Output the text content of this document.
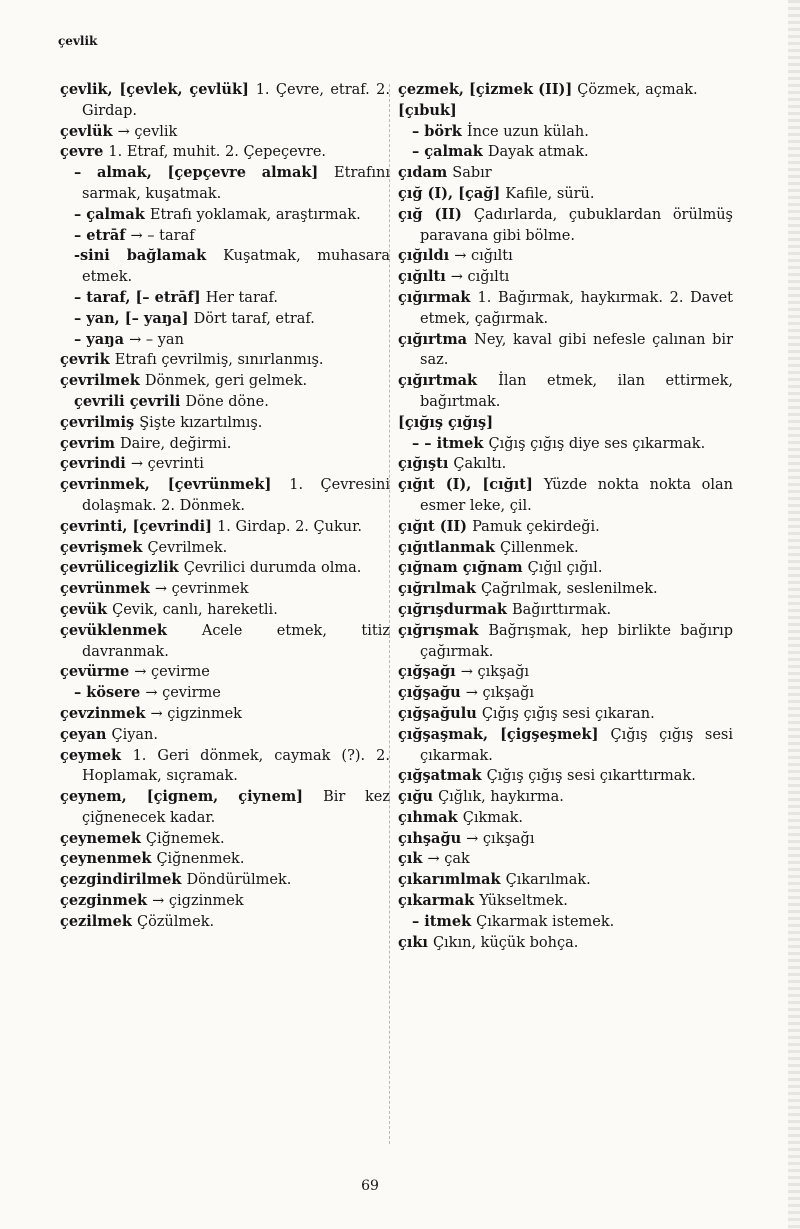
çevlik
çevlik, [çevlek, çevlük] 1. Çevre, etraf. 2. Girdap.
çevlük → çevlik
çevre 1. Etraf, muhit. 2. Çepeçevre.
– almak, [çepçevre almak] Etrafını sarmak, kuşatmak.
– çalmak Etrafı yoklamak, araştırmak.
– etrāf → – taraf
-sini bağlamak Kuşatmak, muhasara etmek.
– taraf, [– etrāf] Her taraf.
– yan, [– yaŋa] Dört taraf, etraf.
– yaŋa → – yan
çevrik Etrafı çevrilmiş, sınırlanmış.
çevrilmek Dönmek, geri gelmek.
çevrili çevrili Döne döne.
çevrilmiş Şişte kızartılmış.
çevrim Daire, değirmi.
çevrindi → çevrinti
çevrinmek, [çevrünmek] 1. Çevresini dolaşmak. 2. Dönmek.
çevrinti, [çevrindi] 1. Girdap. 2. Çukur.
çevrişmek Çevrilmek.
çevrülicegizlik Çevrilici durumda olma.
çevrünmek → çevrinmek
çevük Çevik, canlı, hareketli.
çevüklenmek Acele etmek, titiz davranmak.
çevürme → çevirme
– kösere → çevirme
çevzinmek → çigzinmek
çeyan Çiyan.
çeymek 1. Geri dönmek, caymak (?). 2. Hoplamak, sıçramak.
çeynem, [çignem, çiynem] Bir kez çiğnenecek kadar.
çeynemek Çiğnemek.
çeynenmek Çiğnenmek.
çezgindirilmek Döndürülmek.
çezginmek → çigzinmek
çezilmek Çözülmek.
çezmek, [çizmek (II)] Çözmek, açmak.
[çıbuk]
– börk İnce uzun külah.
– çalmak Dayak atmak.
çıdam Sabır
çığ (I), [çağ] Kafile, sürü.
çığ (II) Çadırlarda, çubuklardan örülmüş paravana gibi bölme.
çığıldı → cığıltı
çığıltı → cığıltı
çığırmak 1. Bağırmak, haykırmak. 2. Davet etmek, çağırmak.
çığırtma Ney, kaval gibi nefesle çalınan bir saz.
çığırtmak İlan etmek, ilan ettirmek, bağırtmak.
[çığış çığış]
– – itmek Çığış çığış diye ses çıkarmak.
çığıştı Çakıltı.
çığıt (I), [cığıt] Yüzde nokta nokta olan esmer leke, çil.
çığıt (II) Pamuk çekirdeği.
çığıtlanmak Çillenmek.
çığnam çığnam Çığıl çığıl.
çığrılmak Çağrılmak, seslenilmek.
çığrışdurmak Bağırttırmak.
çığrışmak Bağrışmak, hep birlikte bağırıp çağırmak.
çığşağı → çıkşağı
çığşağu → çıkşağı
çığşağulu Çığış çığış sesi çıkaran.
çığşaşmak, [çigşeşmek] Çığış çığış sesi çıkarmak.
çığşatmak Çığış çığış sesi çıkarttırmak.
çığu Çığlık, haykırma.
çıhmak Çıkmak.
çıhşağu → çıkşağı
çık → çak
çıkarımlmak Çıkarılmak.
çıkarmak Yükseltmek.
– itmek Çıkarmak istemek.
çıkı Çıkın, küçük bohça.
69
